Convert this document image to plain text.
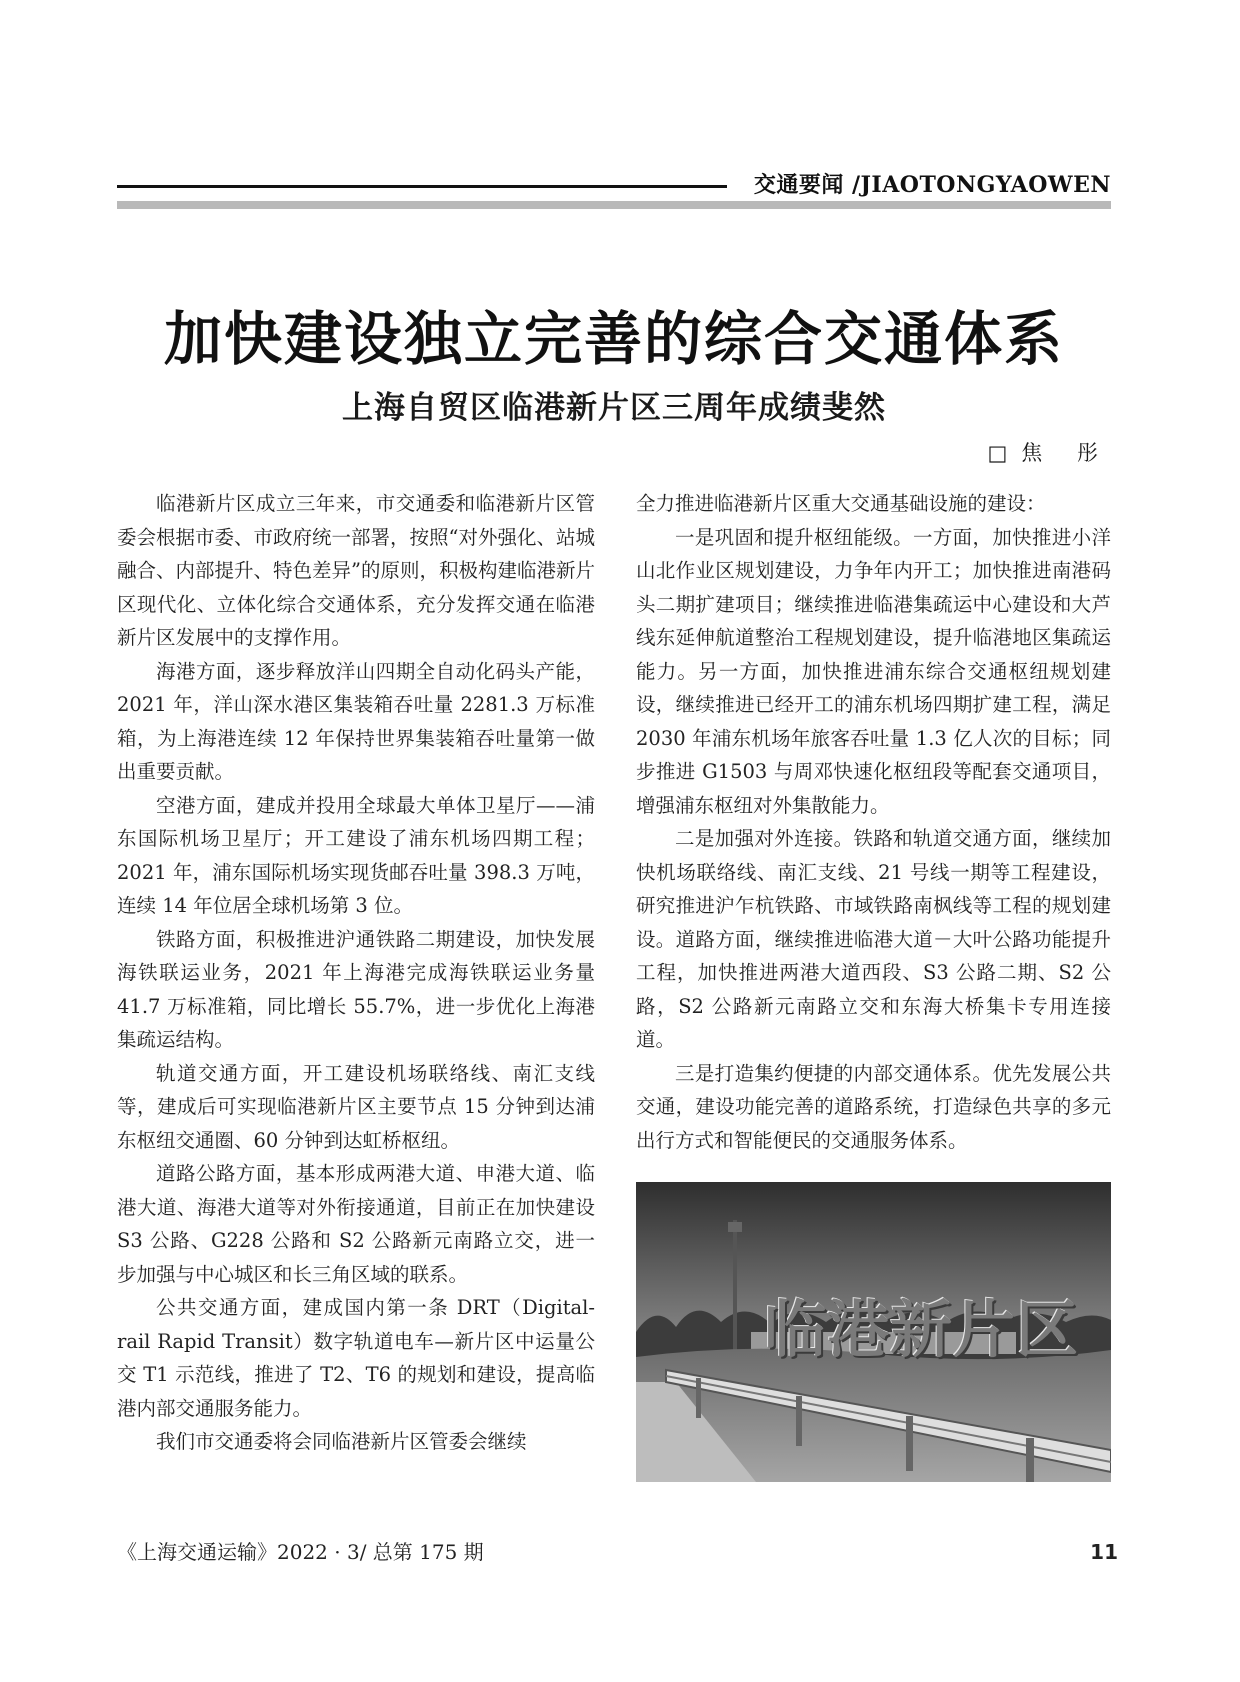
交通要闻 /JIAOTONGYAOWEN
加快建设独立完善的综合交通体系
上海自贸区临港新片区三周年成绩斐然
□焦 彤

临港新片区成立三年来，市交通委和临港新片区管委会根据市委、市政府统一部署，按照“对外强化、站城融合、内部提升、特色差异”的原则，积极构建临港新片区现代化、立体化综合交通体系，充分发挥交通在临港新片区发展中的支撑作用。

海港方面，逐步释放洋山四期全自动化码头产能，2021 年，洋山深水港区集装箱吞吐量 2281.3 万标准箱，为上海港连续 12 年保持世界集装箱吞吐量第一做出重要贡献。

空港方面，建成并投用全球最大单体卫星厅——浦东国际机场卫星厅；开工建设了浦东机场四期工程；2021 年，浦东国际机场实现货邮吞吐量 398.3 万吨，连续 14 年位居全球机场第 3 位。

铁路方面，积极推进沪通铁路二期建设，加快发展海铁联运业务，2021 年上海港完成海铁联运业务量 41.7 万标准箱，同比增长 55.7%，进一步优化上海港集疏运结构。

轨道交通方面，开工建设机场联络线、南汇支线等，建成后可实现临港新片区主要节点 15 分钟到达浦东枢纽交通圈、60 分钟到达虹桥枢纽。

道路公路方面，基本形成两港大道、申港大道、临港大道、海港大道等对外衔接通道，目前正在加快建设 S3 公路、G228 公路和 S2 公路新元南路立交，进一步加强与中心城区和长三角区域的联系。

公共交通方面，建成国内第一条 DRT（Digital-rail Rapid Transit）数字轨道电车—新片区中运量公交 T1 示范线，推进了 T2、T6 的规划和建设，提高临港内部交通服务能力。

我们市交通委将会同临港新片区管委会继续

全力推进临港新片区重大交通基础设施的建设：

一是巩固和提升枢纽能级。一方面，加快推进小洋山北作业区规划建设，力争年内开工；加快推进南港码头二期扩建项目；继续推进临港集疏运中心建设和大芦线东延伸航道整治工程规划建设，提升临港地区集疏运能力。另一方面，加快推进浦东综合交通枢纽规划建设，继续推进已经开工的浦东机场四期扩建工程，满足 2030 年浦东机场年旅客吞吐量 1.3 亿人次的目标；同步推进 G1503 与周邓快速化枢纽段等配套交通项目，增强浦东枢纽对外集散能力。

二是加强对外连接。铁路和轨道交通方面，继续加快机场联络线、南汇支线、21 号线一期等工程建设，研究推进沪乍杭铁路、市域铁路南枫线等工程的规划建设。道路方面，继续推进临港大道－大叶公路功能提升工程，加快推进两港大道西段、S3 公路二期、S2 公路，S2 公路新元南路立交和东海大桥集卡专用连接道。

三是打造集约便捷的内部交通体系。优先发展公共交通，建设功能完善的道路系统，打造绿色共享的多元出行方式和智能便民的交通服务体系。

临港新片区
《上海交通运输》2022 · 3/ 总第 175 期	11
